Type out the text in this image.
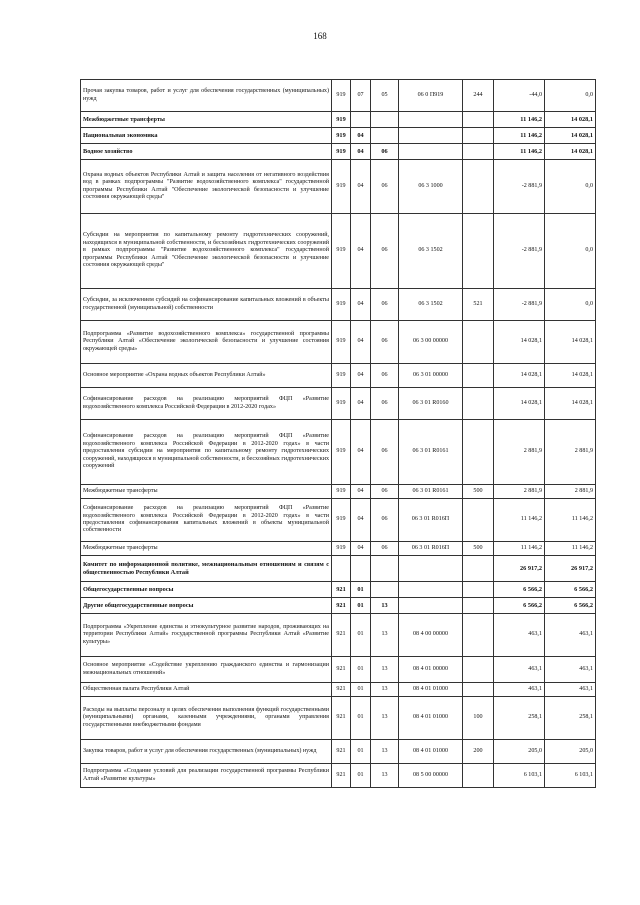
168
Прочая закупка товаров, работ и услуг для обеспечения государственных (муниципальных) нужд	919	07	05	06 0 П919	244	-44,0	0,0
Межбюджетные трансферты	919					11 146,2	14 028,1
Национальная экономика	919	04				11 146,2	14 028,1
Водное хозяйство	919	04	06			11 146,2	14 028,1
Охрана водных объектов Республики Алтай и защита населения от негативного воздействия вод в рамках подпрограммы "Развитие водохозяйственного комплекса" государственной программы Республики Алтай "Обеспечение экологической безопасности и улучшение состояния окружающей среды"	919	04	06	06 3 1000		-2 881,9	0,0
Субсидии на мероприятия по капитальному ремонту гидротехнических сооружений, находящихся в муниципальной собственности, и бесхозяйных гидротехнических сооружений в рамках подпрограммы "Развитие водохозяйственного комплекса" государственной программы Республики Алтай "Обеспечение экологической безопасности и улучшение состояния окружающей среды"	919	04	06	06 3 1502		-2 881,9	0,0
Субсидии, за исключением субсидий на софинансирование капитальных вложений в объекты государственной (муниципальной) собственности	919	04	06	06 3 1502	521	-2 881,9	0,0
Подпрограмма «Развитие водохозяйственного комплекса» государственной программы Республики Алтай «Обеспечение экологической безопасности и улучшение состояния окружающей среды»	919	04	06	06 3 00 00000		14 028,1	14 028,1
Основное мероприятие «Охрана водных объектов Республики Алтай»	919	04	06	06 3 01 00000		14 028,1	14 028,1
Софинансирование расходов на реализацию мероприятий ФЦП «Развитие водохозяйственного комплекса Российской Федерации в 2012-2020 годах»	919	04	06	06 3 01 R0160		14 028,1	14 028,1
Софинансирование расходов на реализацию мероприятий ФЦП «Развитие водохозяйственного комплекса Российской Федерации в 2012-2020 годах» в части предоставления субсидии на мероприятия по капитальному ремонту гидротехнических сооружений, находящихся в муниципальной собственности, и бесхозяйных гидротехнических сооружений	919	04	06	06 3 01 R0161		2 881,9	2 881,9
Межбюджетные трансферты	919	04	06	06 3 01 R0161	500	2 881,9	2 881,9
Софинансирование расходов на реализацию мероприятий ФЦП «Развитие водохозяйственного комплекса Российской Федерации в 2012-2020 годах» в части предоставления софинансирования капитальных вложений в объекты муниципальной собственности	919	04	06	06 3 01 R016П		11 146,2	11 146,2
Межбюджетные трансферты	919	04	06	06 3 01 R016П	500	11 146,2	11 146,2
Комитет по информационной политике, межнациональным отношениям и связям с общественностью Республики Алтай						26 917,2	26 917,2
Общегосударственные вопросы	921	01				6 566,2	6 566,2
Другие общегосударственные вопросы	921	01	13			6 566,2	6 566,2
Подпрограмма «Укрепление единства и этнокультурное развитие народов, проживающих на территории Республики Алтай» государственной программы Республики Алтай «Развитие культуры»	921	01	13	08 4 00 00000		463,1	463,1
Основное мероприятие «Содействие укреплению гражданского единства и гармонизации межнациональных отношений»	921	01	13	08 4 01 00000		463,1	463,1
Общественная палата Республики Алтай	921	01	13	08 4 01 01000		463,1	463,1
Расходы на выплаты персоналу в целях обеспечения выполнения функций государственными (муниципальными) органами, казенными учреждениями, органами управления государственными внебюджетными фондами	921	01	13	08 4 01 01000	100	258,1	258,1
Закупка товаров, работ и услуг для обеспечения государственных (муниципальных) нужд	921	01	13	08 4 01 01000	200	205,0	205,0
Подпрограмма «Создание условий для реализации государственной программы Республики Алтай «Развитие культуры»	921	01	13	08 5 00 00000		6 103,1	6 103,1
